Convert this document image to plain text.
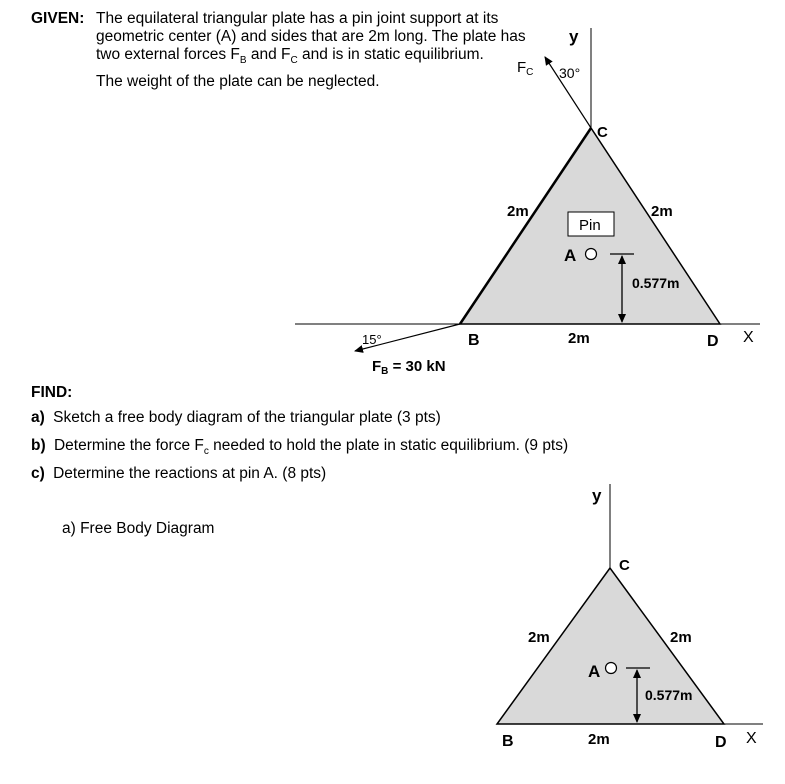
GIVEN: The equilateral triangular plate has a pin joint support at its
geometric center (A) and sides that are 2m long. The plate has
two external forces $F_B$ and $F_C$ and is in static equilibrium.
The weight of the plate can be neglected.
y
$F_C$ 30°
C
2m	2m
Pin
A
0.577m
B	2m	D X
15°
$F_B = 30$ kN
FIND:
a) Sketch a free body diagram of the triangular plate (3 pts)
b) Determine the force $F_c$ needed to hold the plate in static equilibrium. (9 pts)
c) Determine the reactions at pin A. (8 pts)
a) Free Body Diagram
y
C
2m	2m
A
0.577m
B	2m	D X
